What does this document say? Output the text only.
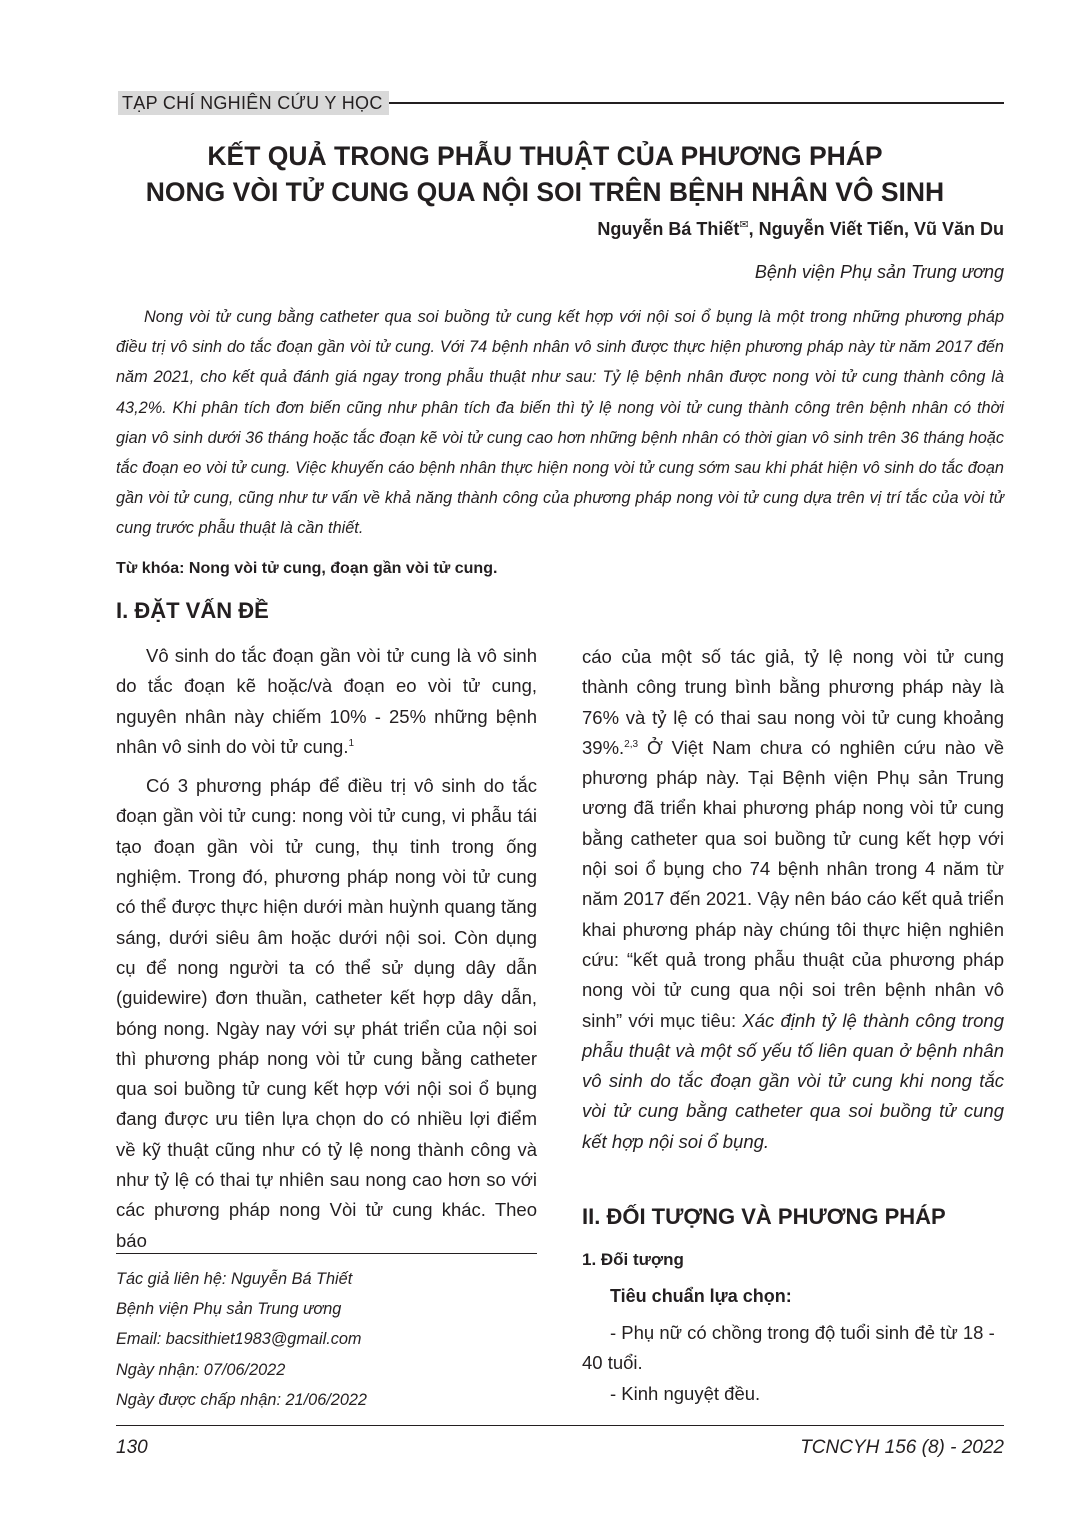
TẠP CHÍ NGHIÊN CỨU Y HỌC
KẾT QUẢ TRONG PHẪU THUẬT CỦA PHƯƠNG PHÁP
NONG VÒI TỬ CUNG QUA NỘI SOI TRÊN BỆNH NHÂN VÔ SINH
Nguyễn Bá Thiết✉, Nguyễn Viết Tiến, Vũ Văn Du
Bệnh viện Phụ sản Trung ương

Nong vòi tử cung bằng catheter qua soi buồng tử cung kết hợp với nội soi ổ bụng là một trong những phương pháp điều trị vô sinh do tắc đoạn gần vòi tử cung. Với 74 bệnh nhân vô sinh được thực hiện phương pháp này từ năm 2017 đến năm 2021, cho kết quả đánh giá ngay trong phẫu thuật như sau: Tỷ lệ bệnh nhân được nong vòi tử cung thành công là 43,2%. Khi phân tích đơn biến cũng như phân tích đa biến thì tỷ lệ nong vòi tử cung thành công trên bệnh nhân có thời gian vô sinh dưới 36 tháng hoặc tắc đoạn kẽ vòi tử cung cao hơn những bệnh nhân có thời gian vô sinh trên 36 tháng hoặc tắc đoạn eo vòi tử cung. Việc khuyến cáo bệnh nhân thực hiện nong vòi tử cung sớm sau khi phát hiện vô sinh do tắc đoạn gần vòi tử cung, cũng như tư vấn về khả năng thành công của phương pháp nong vòi tử cung dựa trên vị trí tắc của vòi tử cung trước phẫu thuật là cần thiết.

Từ khóa: Nong vòi tử cung, đoạn gần vòi tử cung.
I. ĐẶT VẤN ĐỀ

Vô sinh do tắc đoạn gần vòi tử cung là vô sinh do tắc đoạn kẽ hoặc/và đoạn eo vòi tử cung, nguyên nhân này chiếm 10% - 25% những bệnh nhân vô sinh do vòi tử cung.$^1$

Có 3 phương pháp để điều trị vô sinh do tắc đoạn gần vòi tử cung: nong vòi tử cung, vi phẫu tái tạo đoạn gần vòi tử cung, thụ tinh trong ống nghiệm. Trong đó, phương pháp nong vòi tử cung có thể được thực hiện dưới màn huỳnh quang tăng sáng, dưới siêu âm hoặc dưới nội soi. Còn dụng cụ để nong người ta có thể sử dụng dây dẫn (guidewire) đơn thuần, catheter kết hợp dây dẫn, bóng nong. Ngày nay với sự phát triển của nội soi thì phương pháp nong vòi tử cung bằng catheter qua soi buồng tử cung kết hợp với nội soi ổ bụng đang được ưu tiên lựa chọn do có nhiều lợi điểm về kỹ thuật cũng như có tỷ lệ nong thành công và như tỷ lệ có thai tự nhiên sau nong cao hơn so với các phương pháp nong Vòi tử cung khác. Theo báo

Tác giả liên hệ: Nguyễn Bá Thiết
Bệnh viện Phụ sản Trung ương
Email: bacsithiet1983@gmail.com
Ngày nhận: 07/06/2022
Ngày được chấp nhận: 21/06/2022

cáo của một số tác giả, tỷ lệ nong vòi tử cung thành công trung bình bằng phương pháp này là 76% và tỷ lệ có thai sau nong vòi tử cung khoảng 39%.$^{2,3}$ Ở Việt Nam chưa có nghiên cứu nào về phương pháp này. Tại Bệnh viện Phụ sản Trung ương đã triển khai phương pháp nong vòi tử cung bằng catheter qua soi buồng tử cung kết hợp với nội soi ổ bụng cho 74 bệnh nhân trong 4 năm từ năm 2017 đến 2021. Vậy nên báo cáo kết quả triển khai phương pháp này chúng tôi thực hiện nghiên cứu: “kết quả trong phẫu thuật của phương pháp nong vòi tử cung qua nội soi trên bệnh nhân vô sinh” với mục tiêu: Xác định tỷ lệ thành công trong phẫu thuật và một số yếu tố liên quan ở bệnh nhân vô sinh do tắc đoạn gần vòi tử cung khi nong tắc vòi tử cung bằng catheter qua soi buồng tử cung kết hợp nội soi ổ bụng.

II. ĐỐI TƯỢNG VÀ PHƯƠNG PHÁP
1. Đối tượng
Tiêu chuẩn lựa chọn:

- Phụ nữ có chồng trong độ tuổi sinh đẻ từ 18 - 40 tuổi.

- Kinh nguyệt đều.

130	TCNCYH 156 (8) - 2022
